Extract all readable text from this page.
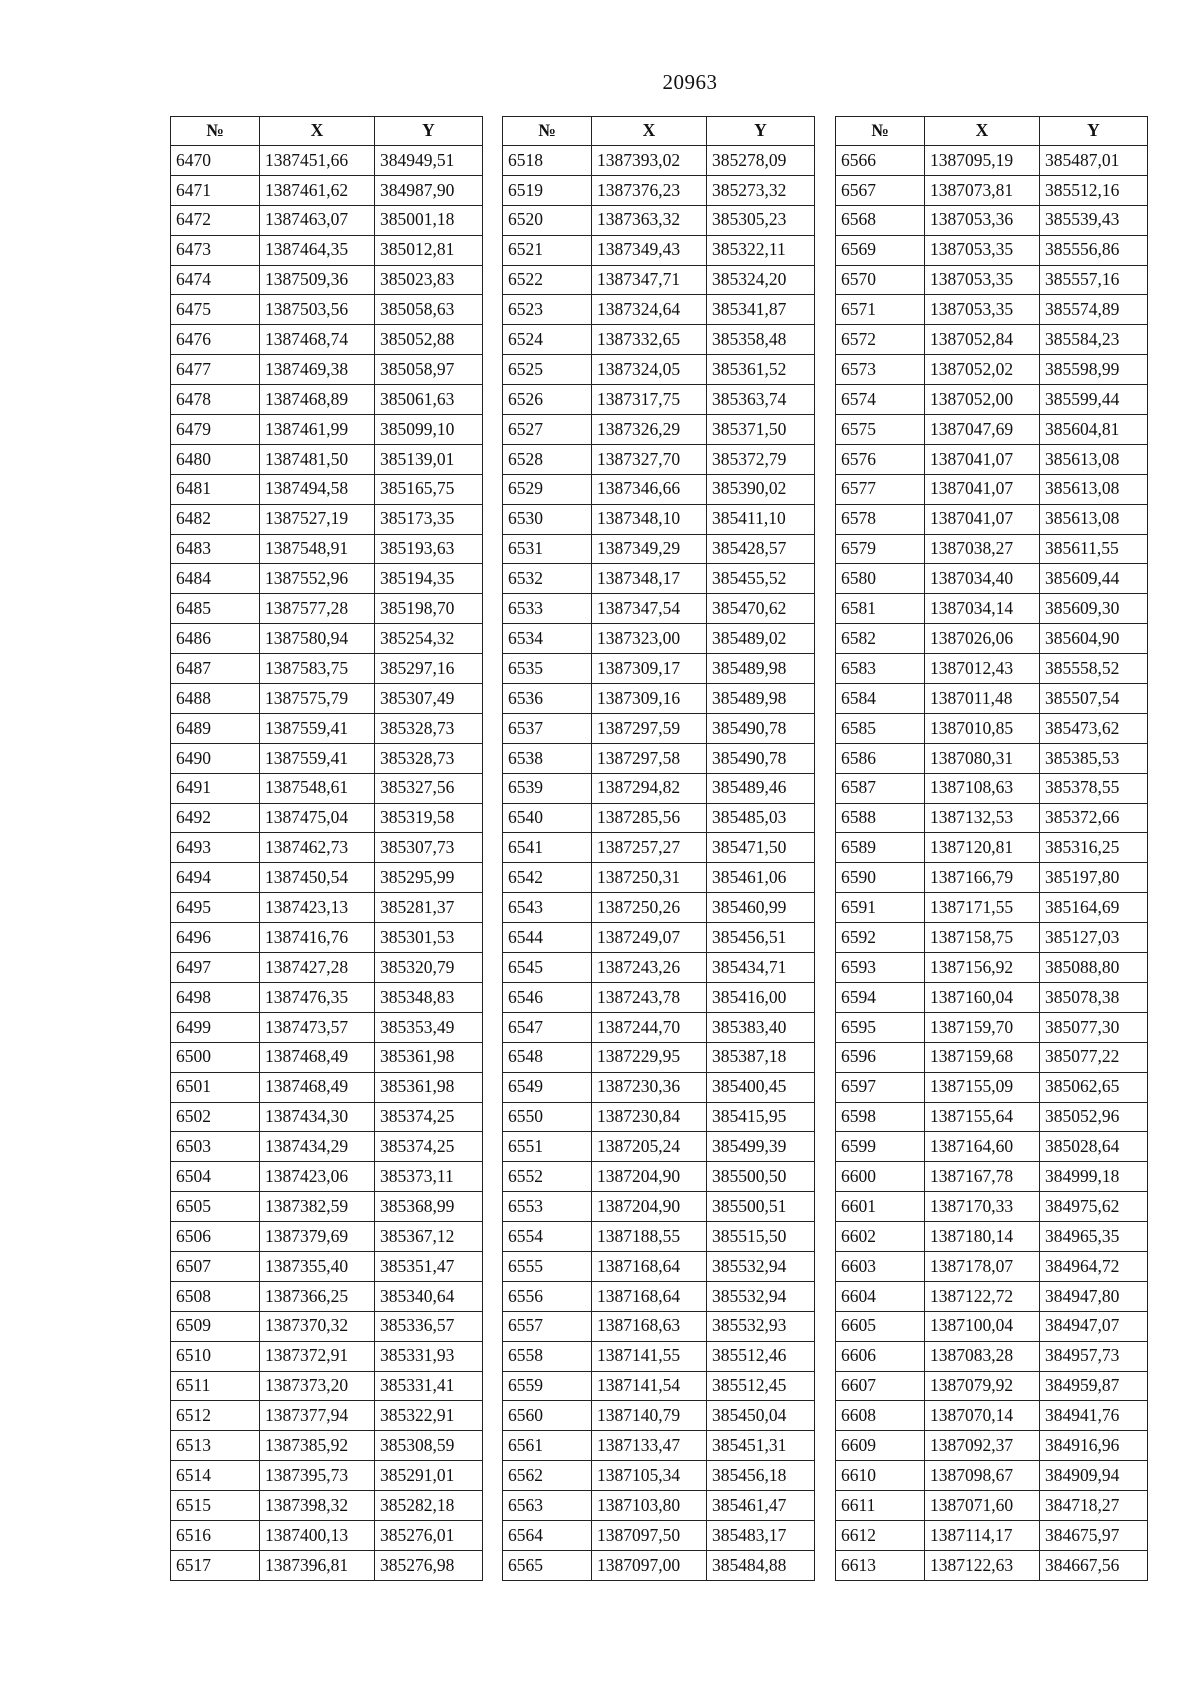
20963
№	X	Y
6470	1387451,66	384949,51
6471	1387461,62	384987,90
6472	1387463,07	385001,18
6473	1387464,35	385012,81
6474	1387509,36	385023,83
6475	1387503,56	385058,63
6476	1387468,74	385052,88
6477	1387469,38	385058,97
6478	1387468,89	385061,63
6479	1387461,99	385099,10
6480	1387481,50	385139,01
6481	1387494,58	385165,75
6482	1387527,19	385173,35
6483	1387548,91	385193,63
6484	1387552,96	385194,35
6485	1387577,28	385198,70
6486	1387580,94	385254,32
6487	1387583,75	385297,16
6488	1387575,79	385307,49
6489	1387559,41	385328,73
6490	1387559,41	385328,73
6491	1387548,61	385327,56
6492	1387475,04	385319,58
6493	1387462,73	385307,73
6494	1387450,54	385295,99
6495	1387423,13	385281,37
6496	1387416,76	385301,53
6497	1387427,28	385320,79
6498	1387476,35	385348,83
6499	1387473,57	385353,49
6500	1387468,49	385361,98
6501	1387468,49	385361,98
6502	1387434,30	385374,25
6503	1387434,29	385374,25
6504	1387423,06	385373,11
6505	1387382,59	385368,99
6506	1387379,69	385367,12
6507	1387355,40	385351,47
6508	1387366,25	385340,64
6509	1387370,32	385336,57
6510	1387372,91	385331,93
6511	1387373,20	385331,41
6512	1387377,94	385322,91
6513	1387385,92	385308,59
6514	1387395,73	385291,01
6515	1387398,32	385282,18
6516	1387400,13	385276,01
6517	1387396,81	385276,98
№	X	Y
6518	1387393,02	385278,09
6519	1387376,23	385273,32
6520	1387363,32	385305,23
6521	1387349,43	385322,11
6522	1387347,71	385324,20
6523	1387324,64	385341,87
6524	1387332,65	385358,48
6525	1387324,05	385361,52
6526	1387317,75	385363,74
6527	1387326,29	385371,50
6528	1387327,70	385372,79
6529	1387346,66	385390,02
6530	1387348,10	385411,10
6531	1387349,29	385428,57
6532	1387348,17	385455,52
6533	1387347,54	385470,62
6534	1387323,00	385489,02
6535	1387309,17	385489,98
6536	1387309,16	385489,98
6537	1387297,59	385490,78
6538	1387297,58	385490,78
6539	1387294,82	385489,46
6540	1387285,56	385485,03
6541	1387257,27	385471,50
6542	1387250,31	385461,06
6543	1387250,26	385460,99
6544	1387249,07	385456,51
6545	1387243,26	385434,71
6546	1387243,78	385416,00
6547	1387244,70	385383,40
6548	1387229,95	385387,18
6549	1387230,36	385400,45
6550	1387230,84	385415,95
6551	1387205,24	385499,39
6552	1387204,90	385500,50
6553	1387204,90	385500,51
6554	1387188,55	385515,50
6555	1387168,64	385532,94
6556	1387168,64	385532,94
6557	1387168,63	385532,93
6558	1387141,55	385512,46
6559	1387141,54	385512,45
6560	1387140,79	385450,04
6561	1387133,47	385451,31
6562	1387105,34	385456,18
6563	1387103,80	385461,47
6564	1387097,50	385483,17
6565	1387097,00	385484,88
№	X	Y
6566	1387095,19	385487,01
6567	1387073,81	385512,16
6568	1387053,36	385539,43
6569	1387053,35	385556,86
6570	1387053,35	385557,16
6571	1387053,35	385574,89
6572	1387052,84	385584,23
6573	1387052,02	385598,99
6574	1387052,00	385599,44
6575	1387047,69	385604,81
6576	1387041,07	385613,08
6577	1387041,07	385613,08
6578	1387041,07	385613,08
6579	1387038,27	385611,55
6580	1387034,40	385609,44
6581	1387034,14	385609,30
6582	1387026,06	385604,90
6583	1387012,43	385558,52
6584	1387011,48	385507,54
6585	1387010,85	385473,62
6586	1387080,31	385385,53
6587	1387108,63	385378,55
6588	1387132,53	385372,66
6589	1387120,81	385316,25
6590	1387166,79	385197,80
6591	1387171,55	385164,69
6592	1387158,75	385127,03
6593	1387156,92	385088,80
6594	1387160,04	385078,38
6595	1387159,70	385077,30
6596	1387159,68	385077,22
6597	1387155,09	385062,65
6598	1387155,64	385052,96
6599	1387164,60	385028,64
6600	1387167,78	384999,18
6601	1387170,33	384975,62
6602	1387180,14	384965,35
6603	1387178,07	384964,72
6604	1387122,72	384947,80
6605	1387100,04	384947,07
6606	1387083,28	384957,73
6607	1387079,92	384959,87
6608	1387070,14	384941,76
6609	1387092,37	384916,96
6610	1387098,67	384909,94
6611	1387071,60	384718,27
6612	1387114,17	384675,97
6613	1387122,63	384667,56
